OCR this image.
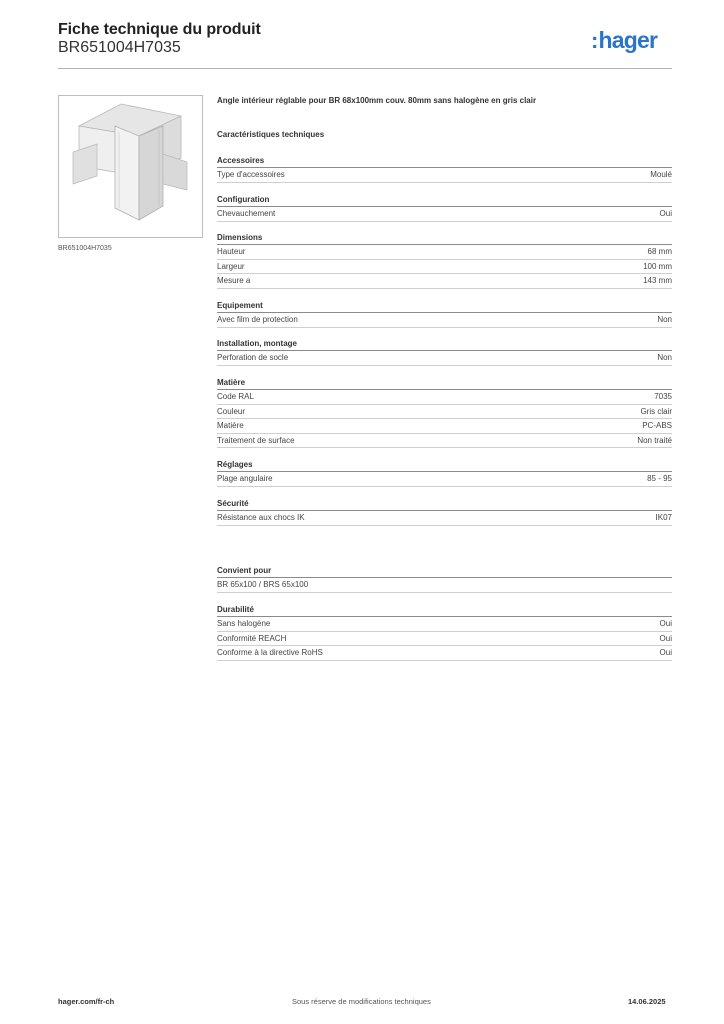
Fiche technique du produit
BR651004H7035	:hager
BR651004H7035
Angle intérieur réglable pour BR 68x100mm couv. 80mm sans halogène en gris clair
Caractéristiques techniques
Accessoires
Type d'accessoires	Moulé
Configuration
Chevauchement	Oui
Dimensions
Hauteur	68 mm
Largeur	100 mm
Mesure a	143 mm
Equipement
Avec film de protection	Non
Installation, montage
Perforation de socle	Non
Matière
Code RAL	7035
Couleur	Gris clair
Matière	PC-ABS
Traitement de surface	Non traité
Réglages
Plage angulaire	85 - 95
Sécurité
Résistance aux chocs IK	IK07
Convient pour
BR 65x100 / BRS 65x100
Durabilité
Sans halogène	Oui
Conformité REACH	Oui
Conforme à la directive RoHS	Oui
hager.com/fr-ch	Sous réserve de modifications techniques	14.06.2025
